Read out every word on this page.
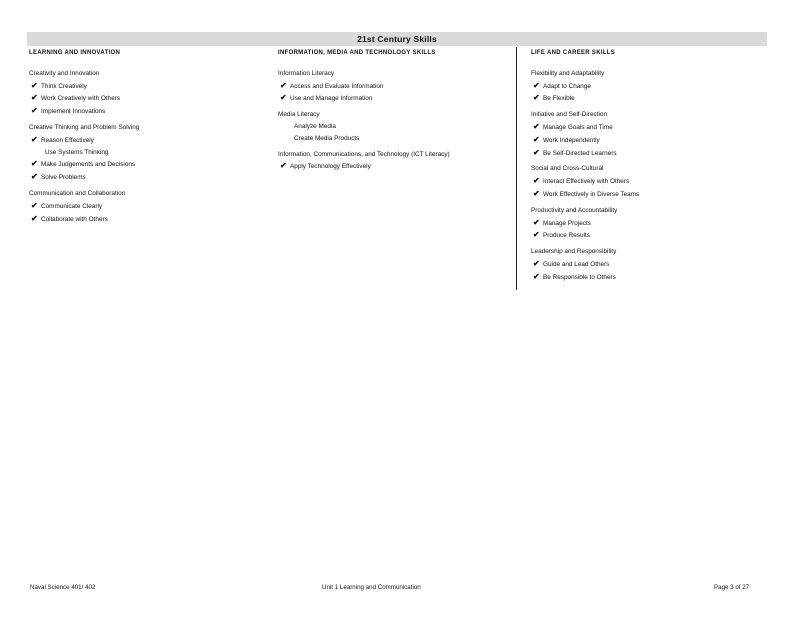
21st Century Skills
LEARNING AND INNOVATION
Creativity and Innovation
✔ Think Creatively
✔ Work Creatively with Others
✔ Implement Innovations
Creative Thinking and Problem Solving
✔ Reason Effectively
Use Systems Thinking
✔ Make Judgements and Decisions
✔ Solve Problems
Communication and Collaboration
✔ Communicate Clearly
✔ Collaborate with Others
INFORMATION, MEDIA AND TECHNOLOGY SKILLS
Information Literacy
✔ Access and Evaluate Information
✔ Use and Manage Information
Media Literacy
Analyze Media
Create Media Products
Information, Communications, and Technology (ICT Literacy)
✔ Apply Technology Effectively
LIFE AND CAREER SKILLS
Flexibility and Adaptability
✔ Adapt to Change
✔ Be Flexible
Initiative and Self-Direction
✔ Manage Goals and Time
✔ Work Independently
✔ Be Self-Directed Learners
Social and Cross-Cultural
✔ Interact Effectively with Others
✔ Work Effectively in Diverse Teams
Productivity and Accountability
✔ Manage Projects
✔ Produce Results
Leadership and Responsibility
✔ Guide and Lead Others
✔ Be Responsible to Others
Naval Science 401/ 402	Unit 1 Learning and Communication	Page 3 of 27
